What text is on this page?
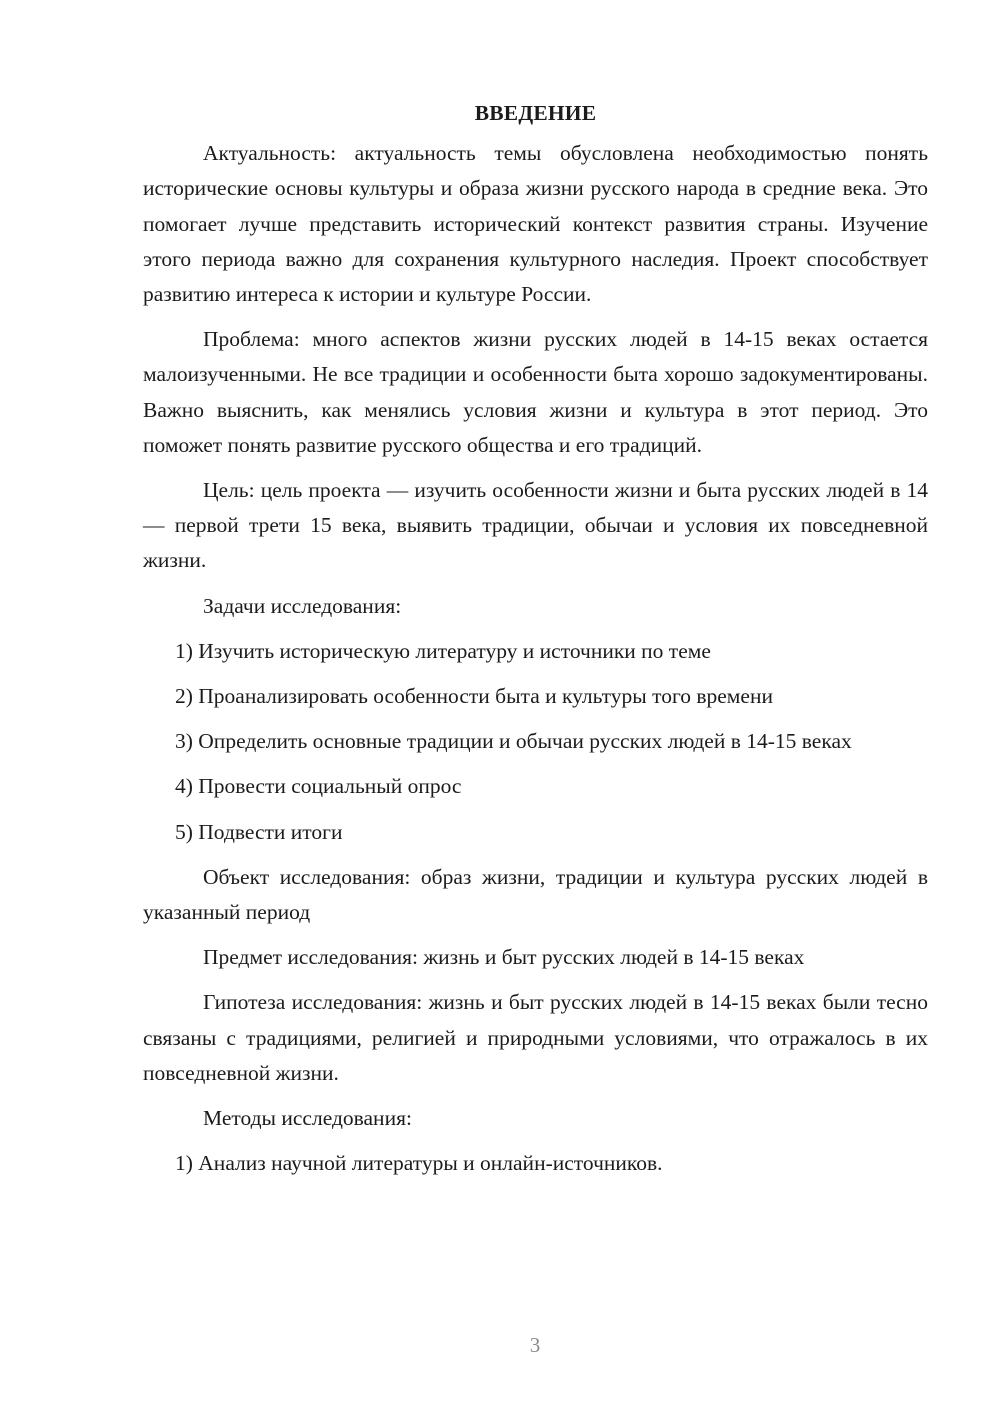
ВВЕДЕНИЕ

Актуальность: актуальность темы обусловлена необходимостью понять исторические основы культуры и образа жизни русского народа в средние века. Это помогает лучше представить исторический контекст развития страны. Изучение этого периода важно для сохранения культурного наследия. Проект способствует развитию интереса к истории и культуре России.

Проблема: много аспектов жизни русских людей в 14-15 веках остается малоизученными. Не все традиции и особенности быта хорошо задокументированы. Важно выяснить, как менялись условия жизни и культура в этот период. Это поможет понять развитие русского общества и его традиций.

Цель: цель проекта — изучить особенности жизни и быта русских людей в 14 — первой трети 15 века, выявить традиции, обычаи и условия их повседневной жизни.

Задачи исследования:

1) Изучить историческую литературу и источники по теме

2) Проанализировать особенности быта и культуры того времени

3) Определить основные традиции и обычаи русских людей в 14-15 веках

4) Провести социальный опрос

5) Подвести итоги

Объект исследования: образ жизни, традиции и культура русских людей в указанный период

Предмет исследования: жизнь и быт русских людей в 14-15 веках

Гипотеза исследования: жизнь и быт русских людей в 14-15 веках были тесно связаны с традициями, религией и природными условиями, что отражалось в их повседневной жизни.

Методы исследования:

1) Анализ научной литературы и онлайн-источников.

3
